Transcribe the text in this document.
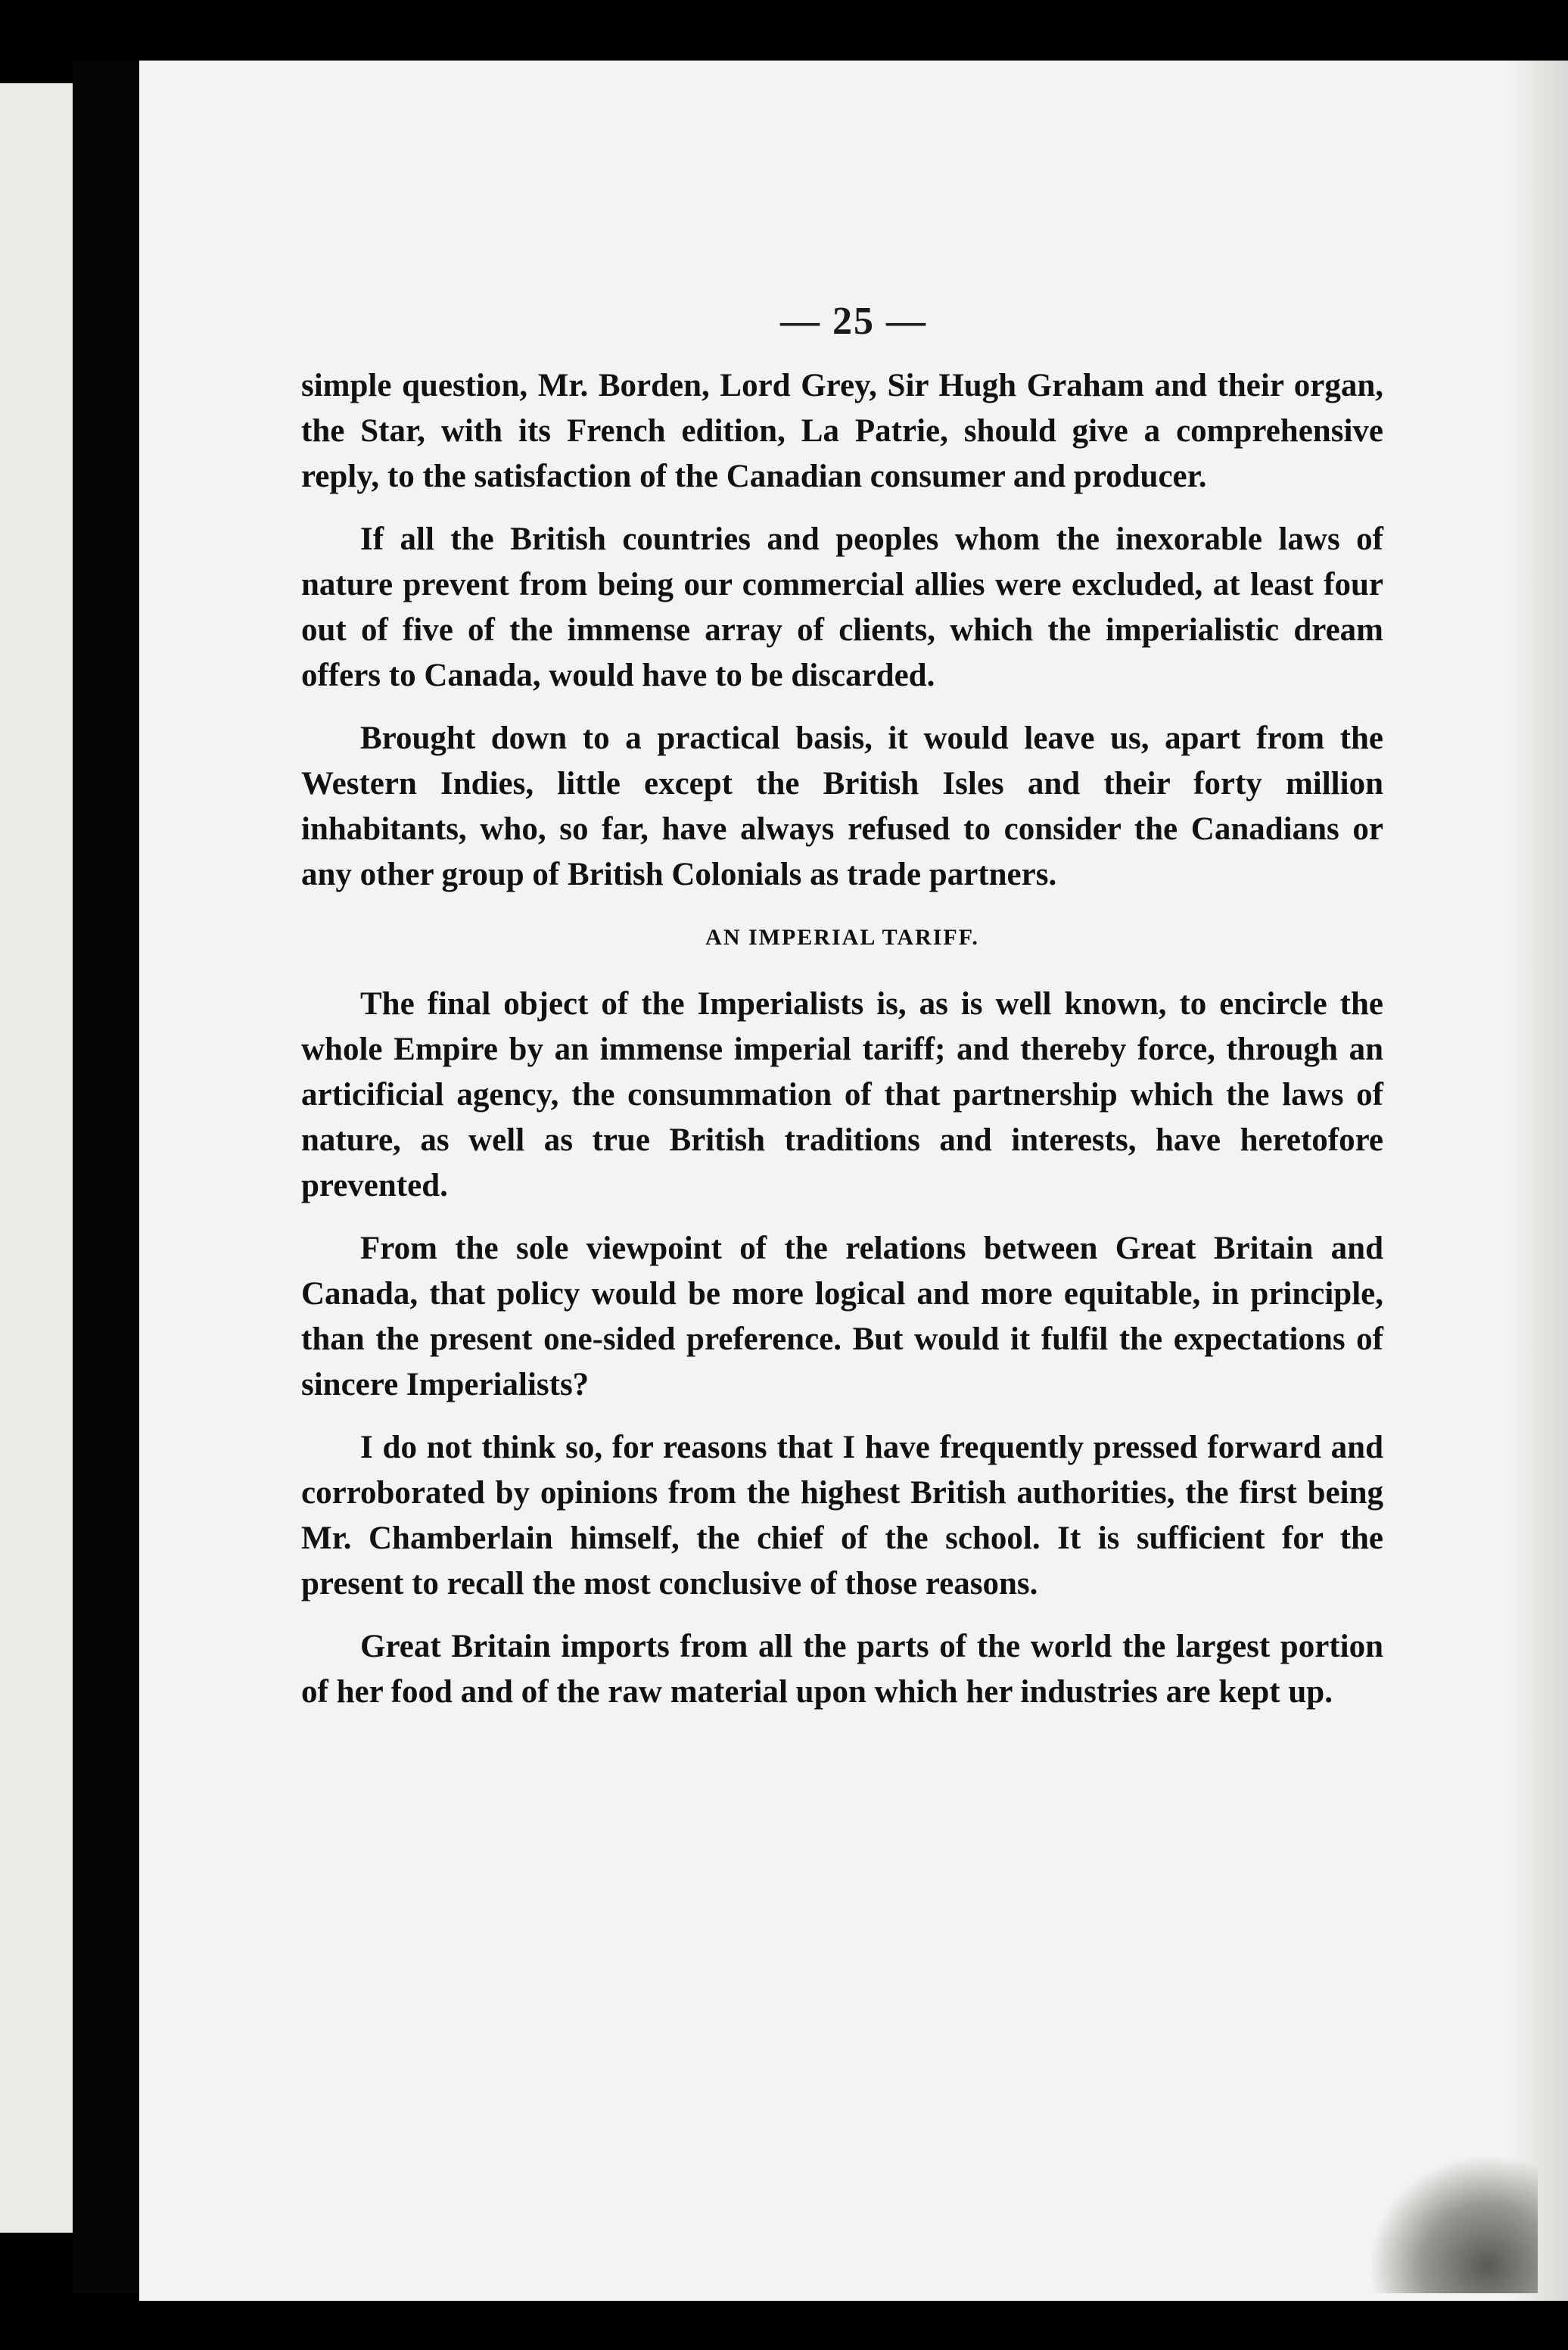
— 25 —

simple question, Mr. Borden, Lord Grey, Sir Hugh Graham and their organ, the Star, with its French edition, La Patrie, should give a comprehensive reply, to the satisfaction of the Canadian consumer and producer.

If all the British countries and peoples whom the inexorable laws of nature prevent from being our commercial allies were excluded, at least four out of five of the immense array of clients, which the imperialistic dream offers to Canada, would have to be discarded.

Brought down to a practical basis, it would leave us, apart from the Western Indies, little except the British Isles and their forty million inhabitants, who, so far, have always refused to consider the Canadians or any other group of British Colonials as trade partners.

AN IMPERIAL TARIFF.

The final object of the Imperialists is, as is well known, to encircle the whole Empire by an immense imperial tariff; and thereby force, through an articificial agency, the consummation of that partnership which the laws of nature, as well as true British traditions and interests, have heretofore prevented.

From the sole viewpoint of the relations between Great Britain and Canada, that policy would be more logical and more equitable, in principle, than the present one-sided preference. But would it fulfil the expectations of sincere Imperialists?

I do not think so, for reasons that I have frequently pressed forward and corroborated by opinions from the highest British authorities, the first being Mr. Chamberlain himself, the chief of the school. It is sufficient for the present to recall the most conclusive of those reasons.

Great Britain imports from all the parts of the world the largest portion of her food and of the raw material upon which her industries are kept up.
